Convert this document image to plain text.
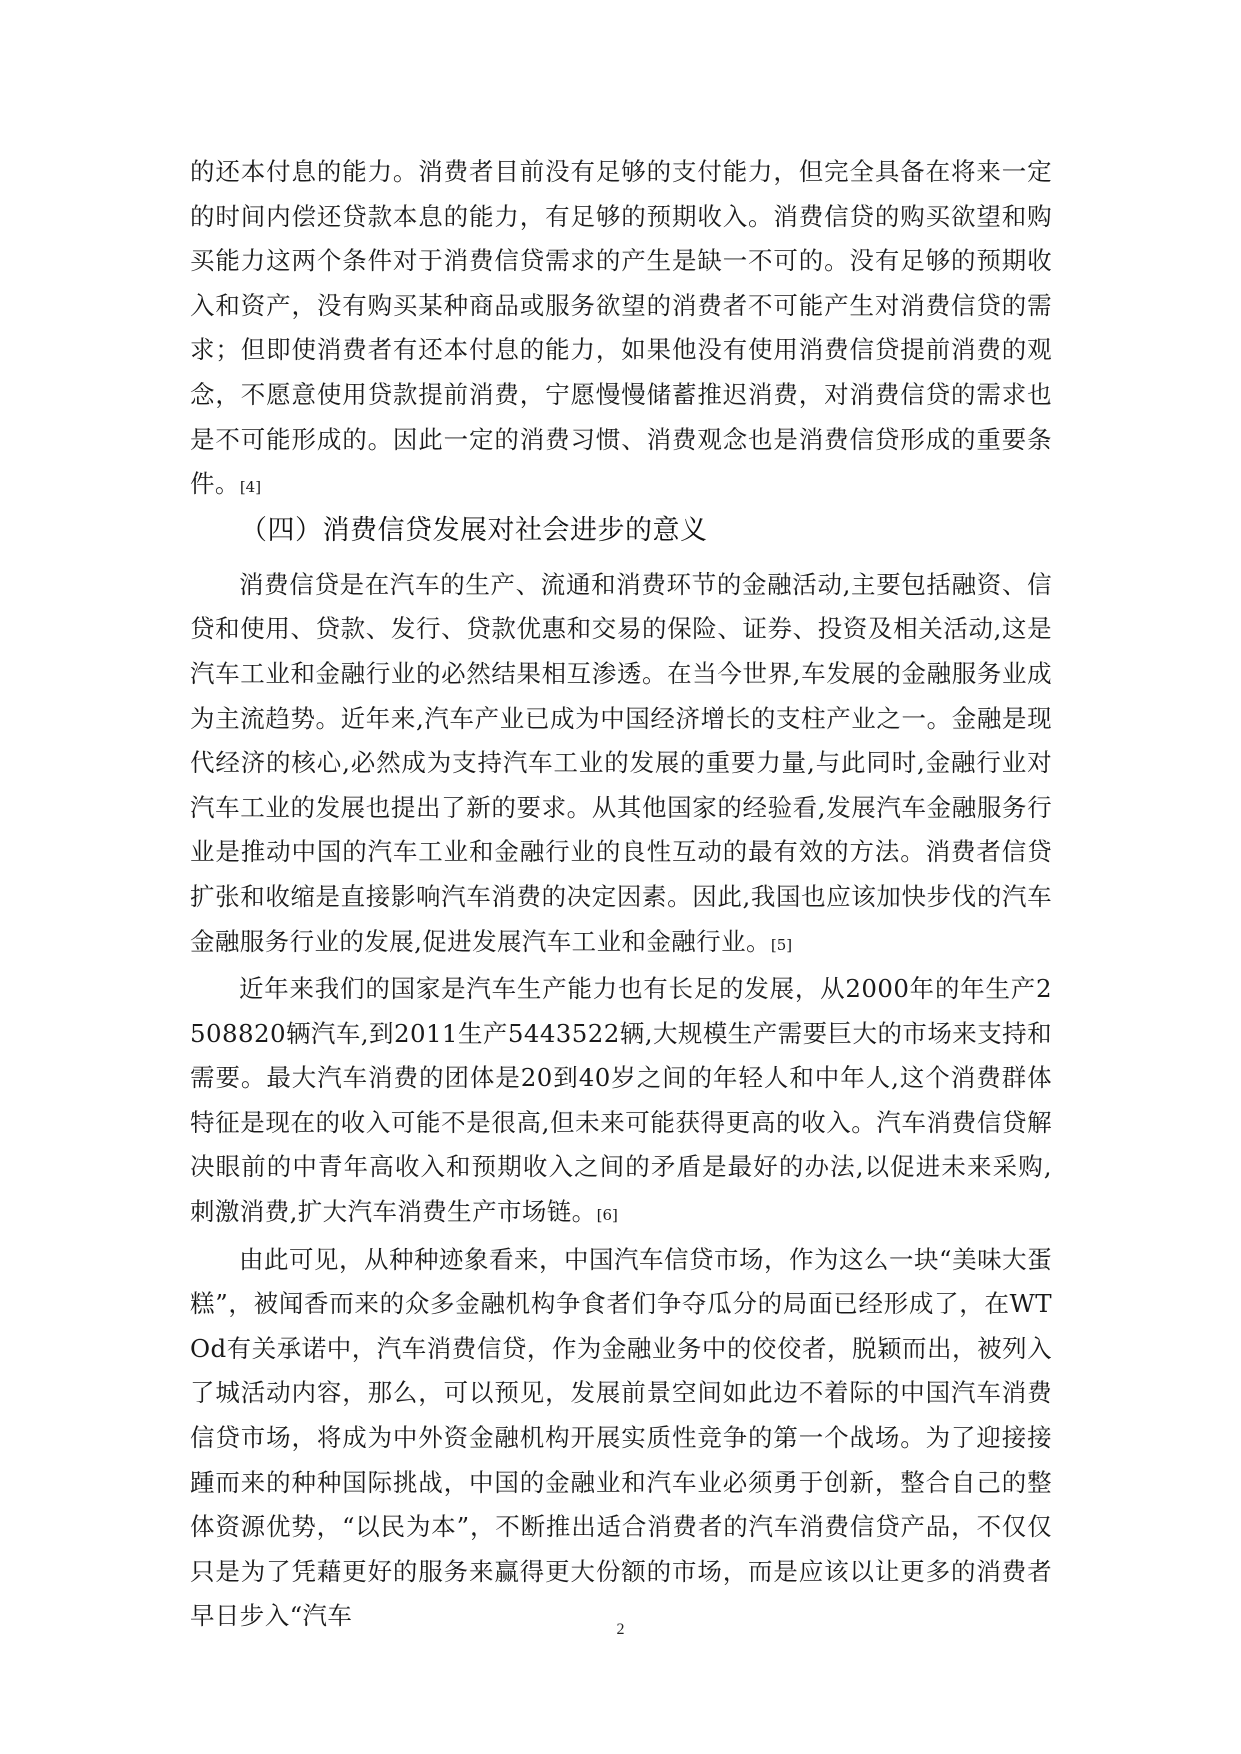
的还本付息的能力。消费者目前没有足够的支付能力，但完全具备在将来一定的时间内偿还贷款本息的能力，有足够的预期收入。消费信贷的购买欲望和购买能力这两个条件对于消费信贷需求的产生是缺一不可的。没有足够的预期收入和资产，没有购买某种商品或服务欲望的消费者不可能产生对消费信贷的需求；但即使消费者有还本付息的能力，如果他没有使用消费信贷提前消费的观念，不愿意使用贷款提前消费，宁愿慢慢储蓄推迟消费，对消费信贷的需求也是不可能形成的。因此一定的消费习惯、消费观念也是消费信贷形成的重要条件。[4]

（四）消费信贷发展对社会进步的意义

消费信贷是在汽车的生产、流通和消费环节的金融活动,主要包括融资、信贷和使用、贷款、发行、贷款优惠和交易的保险、证券、投资及相关活动,这是汽车工业和金融行业的必然结果相互渗透。在当今世界,车发展的金融服务业成为主流趋势。近年来,汽车产业已成为中国经济增长的支柱产业之一。金融是现代经济的核心,必然成为支持汽车工业的发展的重要力量,与此同时,金融行业对汽车工业的发展也提出了新的要求。从其他国家的经验看,发展汽车金融服务行业是推动中国的汽车工业和金融行业的良性互动的最有效的方法。消费者信贷扩张和收缩是直接影响汽车消费的决定因素。因此,我国也应该加快步伐的汽车金融服务行业的发展,促进发展汽车工业和金融行业。[5]

近年来我们的国家是汽车生产能力也有长足的发展，从2000年的年生产2508820辆汽车,到2011生产5443522辆,大规模生产需要巨大的市场来支持和需要。最大汽车消费的团体是20到40岁之间的年轻人和中年人,这个消费群体特征是现在的收入可能不是很高,但未来可能获得更高的收入。汽车消费信贷解决眼前的中青年高收入和预期收入之间的矛盾是最好的办法,以促进未来采购,刺激消费,扩大汽车消费生产市场链。[6]

由此可见，从种种迹象看来，中国汽车信贷市场，作为这么一块“美味大蛋糕”，被闻香而来的众多金融机构争食者们争夺瓜分的局面已经形成了，在WTOd有关承诺中，汽车消费信贷，作为金融业务中的佼佼者，脱颖而出，被列入了城活动内容，那么，可以预见，发展前景空间如此边不着际的中国汽车消费信贷市场，将成为中外资金融机构开展实质性竞争的第一个战场。为了迎接接踵而来的种种国际挑战，中国的金融业和汽车业必须勇于创新，整合自己的整体资源优势，“以民为本”，不断推出适合消费者的汽车消费信贷产品，不仅仅只是为了凭藉更好的服务来赢得更大份额的市场，而是应该以让更多的消费者早日步入“汽车	2
